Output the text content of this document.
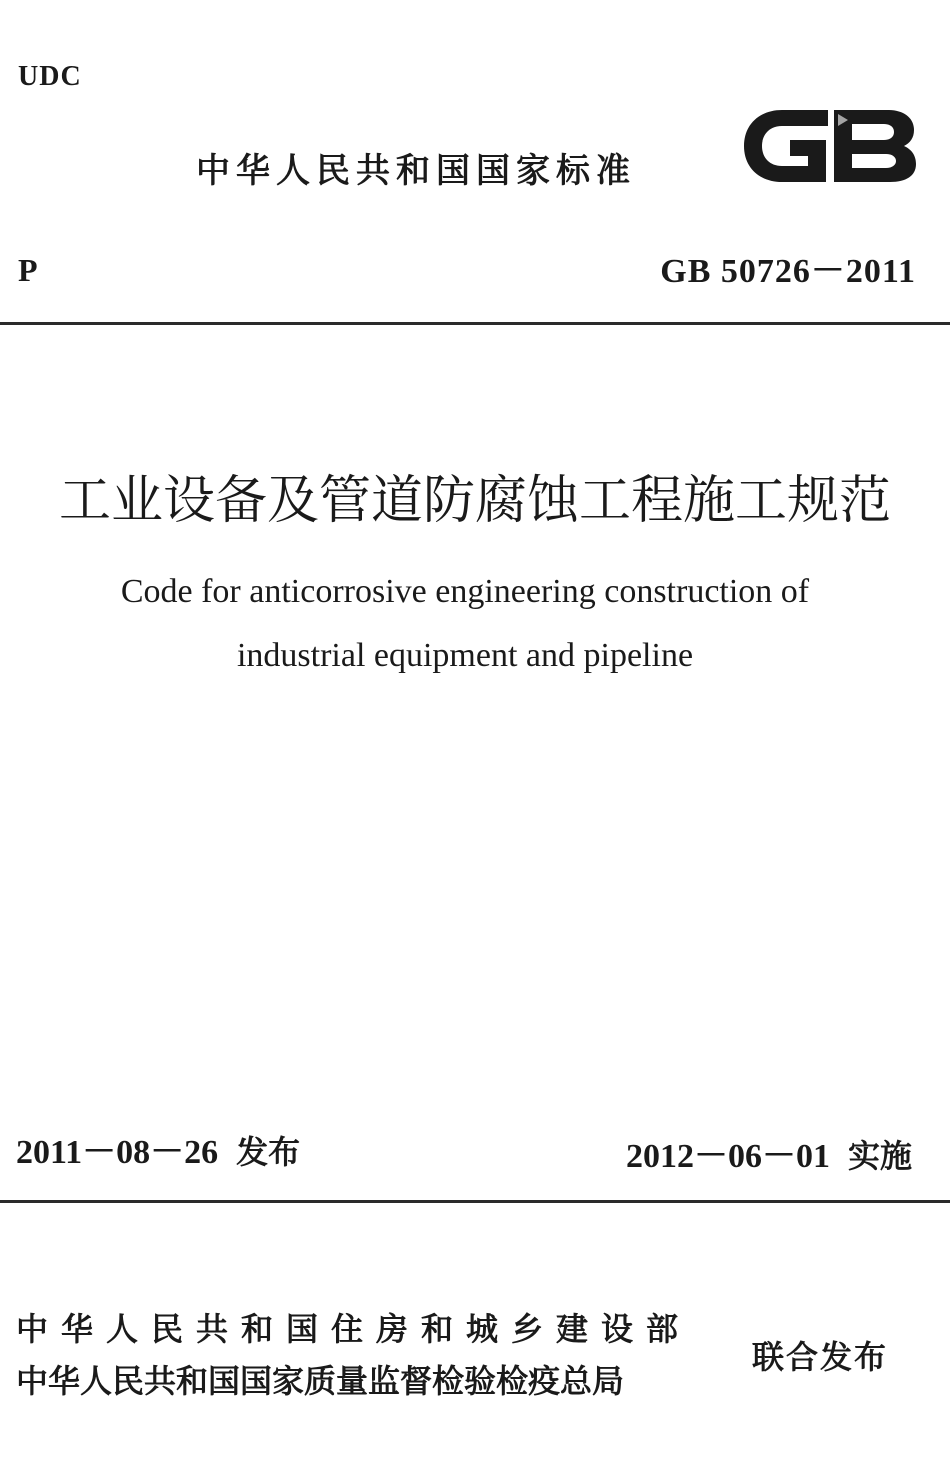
UDC
中华人民共和国国家标准
P	GB 50726－2011
工业设备及管道防腐蚀工程施工规范
Code for anticorrosive engineering construction of
industrial equipment and pipeline
2011－08－26 发布	2012－06－01 实施
中华人民共和国住房和城乡建设部
中华人民共和国国家质量监督检验检疫总局
联合发布
